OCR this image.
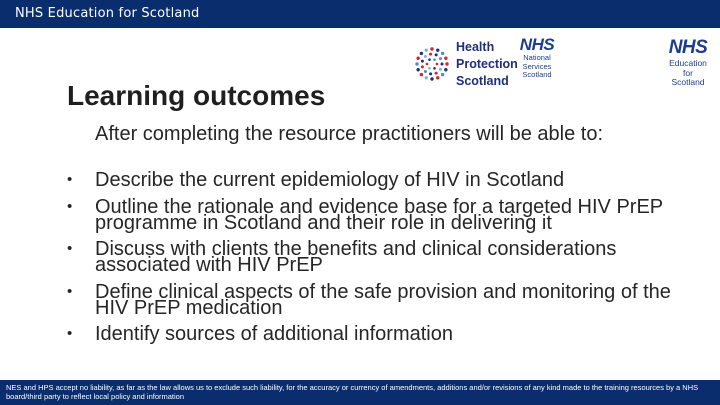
NHS Education for Scotland
Health
Protection
Scotland
NHS
National
Services
Scotland
NHS
Education
for
Scotland
Learning outcomes

After completing the resource practitioners will be able to:

•	Describe the current epidemiology of HIV in Scotland
•	Outline the rationale and evidence base for a targeted HIV PrEP programme in Scotland and their role in delivering it
•	Discuss with clients the benefits and clinical considerations associated with HIV PrEP
•	Define clinical aspects of the safe provision and monitoring of the HIV PrEP medication
•	Identify sources of additional information
NES and HPS accept no liability, as far as the law allows us to exclude such liability, for the accuracy or currency of amendments, additions and/or revisions of any kind made to the training resources by a NHS board/third party to reflect local policy and information
